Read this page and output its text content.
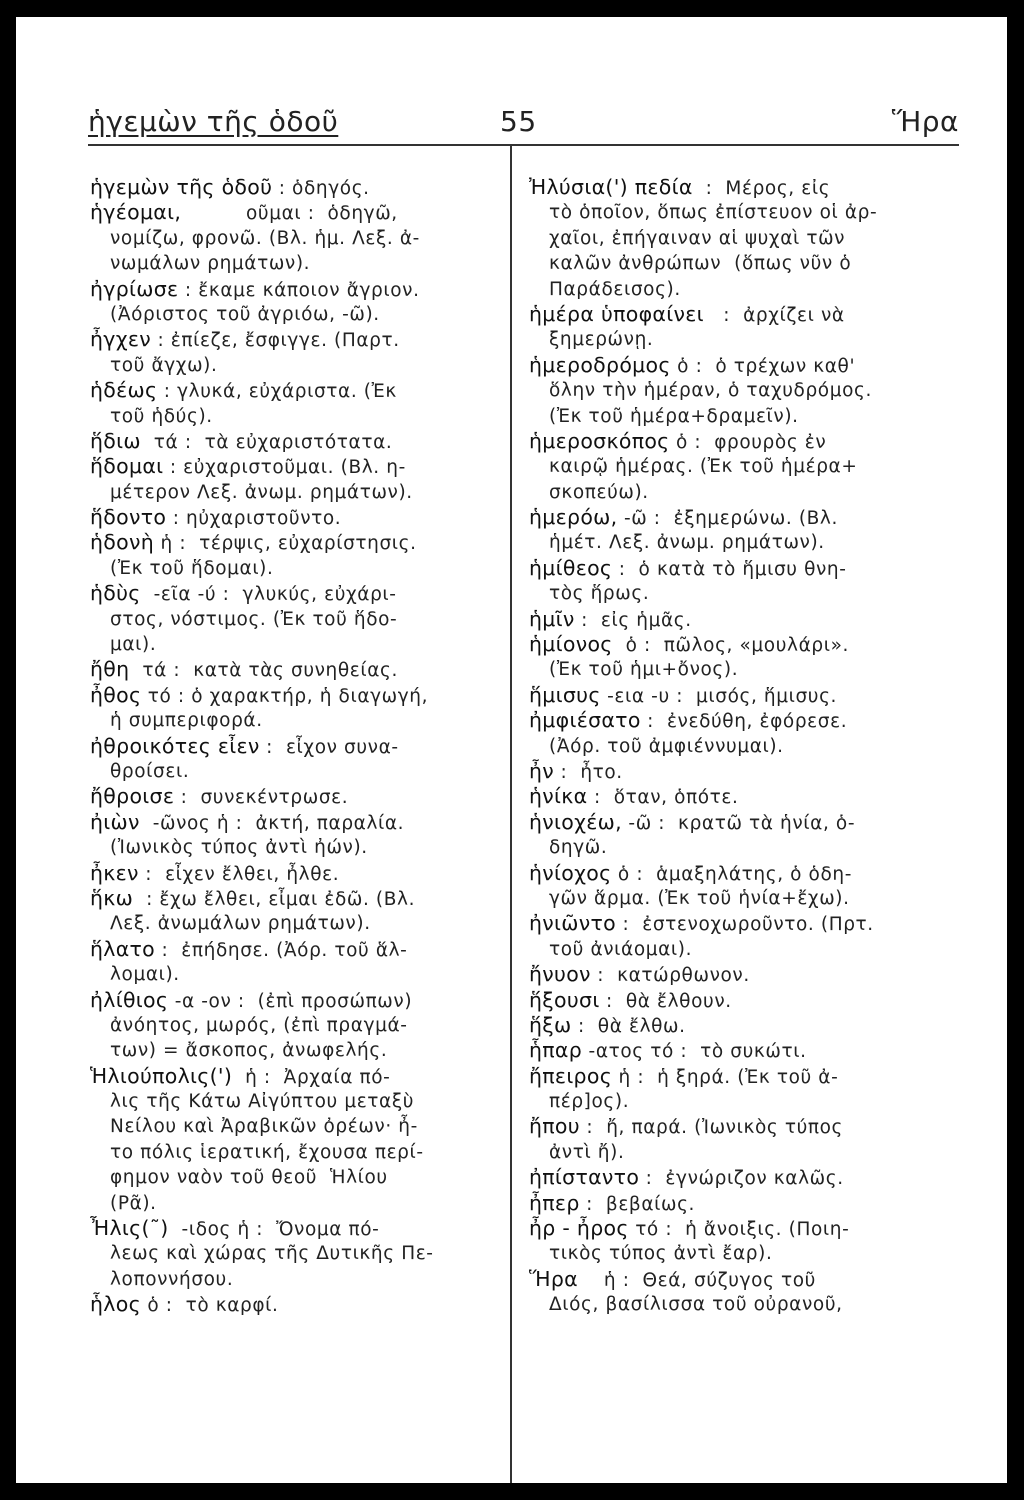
ἡγεμὼν τῆς ὁδοῦ	55	Ἥρα
ἡγεμὼν τῆς ὁδοῦ : ὁδηγός.
ἡγέομαι,          οῦμαι :  ὁδηγῶ,
νομίζω, φρονῶ. (Βλ. ἡμ. Λεξ. ἀ-
νωμάλων ρημάτων).
ἠγρίωσε : ἔκαμε κάποιον ἄγριον.
(Ἀόριστος τοῦ ἀγριόω, -ῶ).
ἦγχεν : ἐπίεζε, ἔσφιγγε. (Παρτ.
τοῦ ἄγχω).
ἡδέως : γλυκά, εὐχάριστα. (Ἐκ
τοῦ ἡδύς).
ἥδιω  τά :  τὰ εὐχαριστότατα.
ἥδομαι : εὐχαριστοῦμαι. (Βλ. η-
μέτερον Λεξ. ἀνωμ. ρημάτων).
ἥδοντο : ηὐχαριστοῦντο.
ἡδονὴ ἡ :  τέρψις, εὐχαρίστησις.
(Ἐκ τοῦ ἥδομαι).
ἡδὺς  -εῖα -ύ :  γλυκύς, εὐχάρι-
στος, νόστιμος. (Ἐκ τοῦ ἥδο-
μαι).
ἤθη  τά :  κατὰ τὰς συνηθείας.
ἦθος τό : ὁ χαρακτήρ, ἡ διαγωγή,
ἡ συμπεριφορά.
ἠθροικότες εἶεν :  εἶχον συνα-
θροίσει.
ἤθροισε :  συνεκέντρωσε.
ἠιὼν  -ῶνος ἡ :  ἀκτή, παραλία.
(Ἰωνικὸς τύπος ἀντὶ ἠών).
ἦκεν :  εἶχεν ἔλθει, ἦλθε.
ἥκω  : ἔχω ἔλθει, εἶμαι ἐδῶ. (Βλ.
Λεξ. ἀνωμάλων ρημάτων).
ἥλατο :  ἐπήδησε. (Ἀόρ. τοῦ ἅλ-
λομαι).
ἠλίθιος -α -ον :  (ἐπὶ προσώπων)
ἀνόητος, μωρός, (ἐπὶ πραγμά-
των) = ἄσκοπος, ἀνωφελής.
Ἡλιούπολις(')  ἡ :  Ἀρχαία πό-
λις τῆς Κάτω Αἰγύπτου μεταξὺ
Νείλου καὶ Ἀραβικῶν ὀρέων· ἦ-
το πόλις ἱερατική, ἔχουσα περί-
φημον ναὸν τοῦ θεοῦ  Ἡλίου
(Ρᾶ).
Ἦλις(˜)  -ιδος ἡ :  Ὄνομα πό-
λεως καὶ χώρας τῆς Δυτικῆς Πε-
λοποννήσου.
ἧλος ὁ :  τὸ καρφί.
Ἠλύσια(') πεδία  :  Μέρος, εἰς
τὸ ὁποῖον, ὅπως ἐπίστευον οἱ ἀρ-
χαῖοι, ἐπήγαιναν αἱ ψυχαὶ τῶν
καλῶν ἀνθρώπων  (ὅπως νῦν ὁ
Παράδεισος).
ἡμέρα ὑποφαίνει   :  ἀρχίζει νὰ
ξημερώνῃ.
ἡμεροδρόμος ὁ :  ὁ τρέχων καθ'
ὅλην τὴν ἡμέραν, ὁ ταχυδρόμος.
(Ἐκ τοῦ ἡμέρα+δραμεῖν).
ἡμεροσκόπος ὁ :  φρουρὸς ἐν
καιρῷ ἡμέρας. (Ἐκ τοῦ ἡμέρα+
σκοπεύω).
ἡμερόω, -ῶ :  ἐξημερώνω. (Βλ.
ἡμέτ. Λεξ. ἀνωμ. ρημάτων).
ἡμίθεος :  ὁ κατὰ τὸ ἥμισυ θνη-
τὸς ἥρως.
ἡμῖν :  εἰς ἡμᾶς.
ἡμίονος  ὁ :  πῶλος, «μουλάρι».
(Ἐκ τοῦ ἡμι+ὄνος).
ἥμισυς -εια -υ :  μισός, ἥμισυς.
ἠμφιέσατο :  ἐνεδύθη, ἐφόρεσε.
(Ἀόρ. τοῦ ἀμφιέννυμαι).
ἦν :  ἦτο.
ἡνίκα :  ὅταν, ὁπότε.
ἡνιοχέω, -ῶ :  κρατῶ τὰ ἡνία, ὁ-
δηγῶ.
ἡνίοχος ὁ :  ἁμαξηλάτης, ὁ ὁδη-
γῶν ἅρμα. (Ἐκ τοῦ ἡνία+ἔχω).
ἠνιῶντο :  ἐστενοχωροῦντο. (Πρτ.
τοῦ ἀνιάομαι).
ἤνυον :  κατώρθωνον.
ἥξουσι :  θὰ ἔλθουν.
ἥξω :  θὰ ἔλθω.
ἧπαρ -ατος τό :  τὸ συκώτι.
ἤπειρος ἡ :  ἡ ξηρά. (Ἐκ τοῦ ἀ-
πέρ]ος).
ἤπου :  ἤ, παρά. (Ἰωνικὸς τύπος
ἀντὶ ἤ).
ἠπίσταντο :  ἐγνώριζον καλῶς.
ἦπερ :  βεβαίως.
ἦρ - ἦρος τό :  ἡ ἄνοιξις. (Ποιη-
τικὸς τύπος ἀντὶ ἔαρ).
Ἥρα    ἡ :  Θεά, σύζυγος τοῦ
Διός, βασίλισσα τοῦ οὐρανοῦ,
